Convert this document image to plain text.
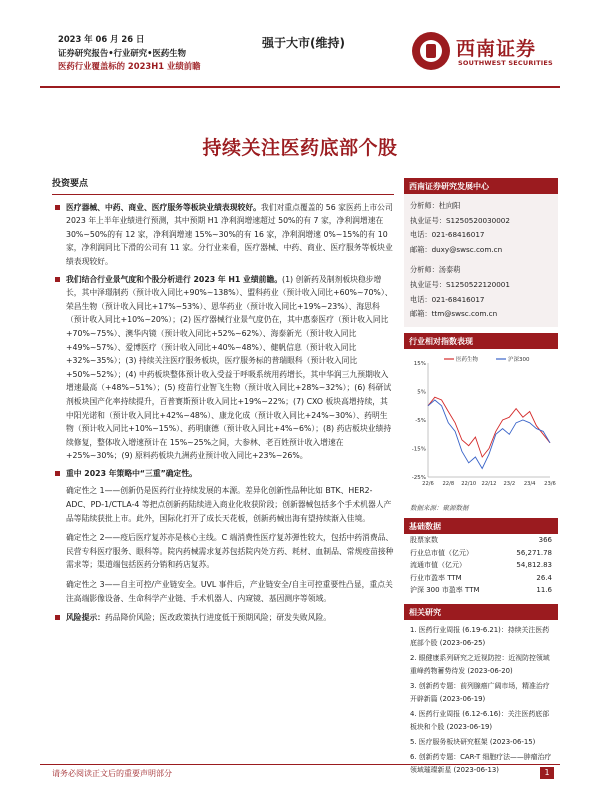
2023 年 06 月 26 日
证券研究报告•行业研究•医药生物
医药行业覆盖标的 2023H1 业绩前瞻
强于大市(维持)	西南证券
SOUTHWEST SECURITIES
持续关注医药底部个股
投资要点
医疗器械、中药、商业、医疗服务等板块业绩表现较好。我们对重点覆盖的 56 家医药上市公司 2023 年上半年业绩进行预测，其中预期 H1 净利润增速超过 50%的有 7 家，净利润增速在 30%~50%的有 12 家，净利润增速 15%~30%的有 16 家，净利润增速 0%~15%的有 10 家，净利润同比下滑的公司有 11 家。分行业来看，医疗器械、中药、商业、医疗服务等板块业绩表现较好。
我们结合行业景气度和个股分析进行 2023 年 H1 业绩前瞻。(1) 创新药及制剂板块稳步增长，其中泽璟制药（预计收入同比+90%~138%）、盟科药业（预计收入同比+60%~70%）、荣昌生物（预计收入同比+17%~53%）、恩华药业（预计收入同比+19%~23%）、海思科（预计收入同比+10%~20%）；(2) 医疗器械行业景气度仍在，其中惠泰医疗（预计收入同比+70%~75%）、澳华内镜（预计收入同比+52%~62%）、海泰新光（预计收入同比+49%~57%）、爱博医疗（预计收入同比+40%~48%）、健帆信息（预计收入同比+32%~35%）；(3) 持续关注医疗服务板块，医疗服务标的普瑞眼科（预计收入同比+50%~52%）；(4) 中药板块整体预计收入受益于呼吸系统用药增长，其中华润三九预期收入增速最高（+48%~51%）；(5) 疫苗行业智飞生物（预计收入同比+28%~32%）；(6) 科研试剂板块国产化率持续提升，百普赛斯预计收入同比+19%~22%；(7) CXO 板块高增持续，其中阳光诺和（预计收入同比+42%~48%）、康龙化成（预计收入同比+24%~30%）、药明生物（预计收入同比+10%~15%）、药明康德（预计收入同比+4%~6%）；(8) 药店板块业绩持续修复，整体收入增速预计在 15%~25%之间，大参林、老百姓预计收入增速在+25%~30%；(9) 原料药板块九洲药业预计收入同比+23%~26%。
重中 2023 年策略中“三重”确定性。
确定性之 1——创新仍是医药行业持续发展的本源。差异化创新性品种比如 BTK、HER2-ADC、PD-1/CTLA-4 等把点创新药陆续进入商业化收获阶段；创新器械包括多个手术机器人产品等陆续获批上市。此外，国际化打开了成长天花板，创新药械出海有望持续渐入佳境。
确定性之 2——疫后医疗复苏亦是核心主线。C 端消费性医疗复苏弹性较大，包括中药消费品、民营专科医疗服务、眼科等。院内药械需求复苏包括院内处方药、耗材、血制品、常规疫苗接种需求等；渠道端包括医药分销和药店复苏。
确定性之 3——自主可控/产业链安全。UVL 事件后，产业链安全/自主可控重要性凸显，重点关注高端影像设备、生命科学产业链、手术机器人、内窥镜、基因测序等领域。
风险提示：药品降价风险；医改政策执行进度低于预期风险；研发失败风险。
西南证券研究发展中心
分析师：杜向阳
执业证号：S1250520030002
电话：021-68416017
邮箱：duxy@swsc.com.cn
分析师：汤泰萌
执业证号：S1250522120001
电话：021-68416017
邮箱：ttm@swsc.com.cn
行业相对指数表现
15%
5%
-5%
-15%
-25%
22/6 22/8 22/10 22/12 23/2 23/4 23/6
医药生物	沪深300
数据来源：聚源数据
基础数据
股票家数	366
行业总市值（亿元）	56,271.78
流通市值（亿元）	54,812.83
行业市盈率 TTM	26.4
沪深 300 市盈率 TTM	11.6
相关研究
1. 医药行业周报 (6.19-6.21)：持续关注医药底部个股 (2023-06-25)
2. 眼健康系列研究之近视防控：近视防控领域重峰药物蓄势待发 (2023-06-20)
3. 创新药专题：前列腺癌广阔市场，精准治疗开辟新篇 (2023-06-19)
4. 医药行业周报 (6.12-6.16)：关注医药底部板块和个股 (2023-06-19)
5. 医疗服务板块研究框架 (2023-06-15)
6. 创新药专题：CAR-T 细胞疗法——肿瘤治疗领域璀璨新星 (2023-06-13)
请务必阅读正文后的重要声明部分	1
